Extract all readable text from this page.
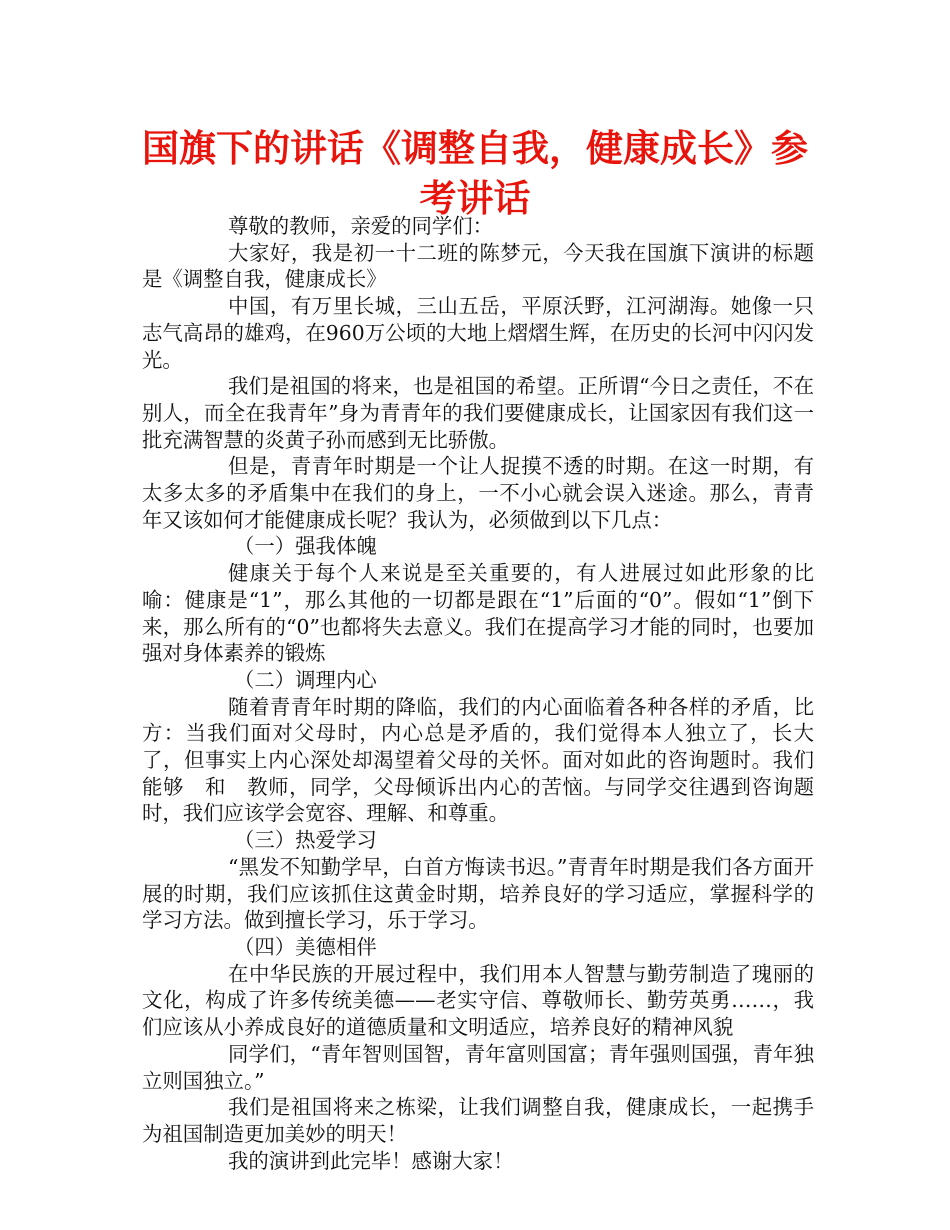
国旗下的讲话《调整自我，健康成长》参考讲话

尊敬的教师，亲爱的同学们：

大家好，我是初一十二班的陈梦元，今天我在国旗下演讲的标题是《调整自我，健康成长》

中国，有万里长城，三山五岳，平原沃野，江河湖海。她像一只志气高昂的雄鸡，在960万公顷的大地上熠熠生辉，在历史的长河中闪闪发光。

我们是祖国的将来，也是祖国的希望。正所谓“今日之责任，不在别人，而全在我青年”身为青青年的我们要健康成长，让国家因有我们这一批充满智慧的炎黄子孙而感到无比骄傲。

但是，青青年时期是一个让人捉摸不透的时期。在这一时期，有太多太多的矛盾集中在我们的身上，一不小心就会误入迷途。那么，青青年又该如何才能健康成长呢？我认为，必须做到以下几点：

（一）强我体魄

健康关于每个人来说是至关重要的，有人进展过如此形象的比喻：健康是“1”，那么其他的一切都是跟在“1”后面的“0”。假如“1”倒下来，那么所有的“0”也都将失去意义。我们在提高学习才能的同时，也要加强对身体素养的锻炼

（二）调理内心

随着青青年时期的降临，我们的内心面临着各种各样的矛盾，比方：当我们面对父母时，内心总是矛盾的，我们觉得本人独立了，长大了，但事实上内心深处却渴望着父母的关怀。面对如此的咨询题时。我们能够　和　教师，同学，父母倾诉出内心的苦恼。与同学交往遇到咨询题时，我们应该学会宽容、理解、和尊重。

（三）热爱学习

“黑发不知勤学早，白首方悔读书迟。”青青年时期是我们各方面开展的时期，我们应该抓住这黄金时期，培养良好的学习适应，掌握科学的学习方法。做到擅长学习，乐于学习。

（四）美德相伴

在中华民族的开展过程中，我们用本人智慧与勤劳制造了瑰丽的文化，构成了许多传统美德——老实守信、尊敬师长、勤劳英勇……，我们应该从小养成良好的道德质量和文明适应，培养良好的精神风貌

同学们，“青年智则国智，青年富则国富；青年强则国强，青年独立则国独立。”

我们是祖国将来之栋梁，让我们调整自我，健康成长，一起携手为祖国制造更加美妙的明天！

我的演讲到此完毕！感谢大家！
